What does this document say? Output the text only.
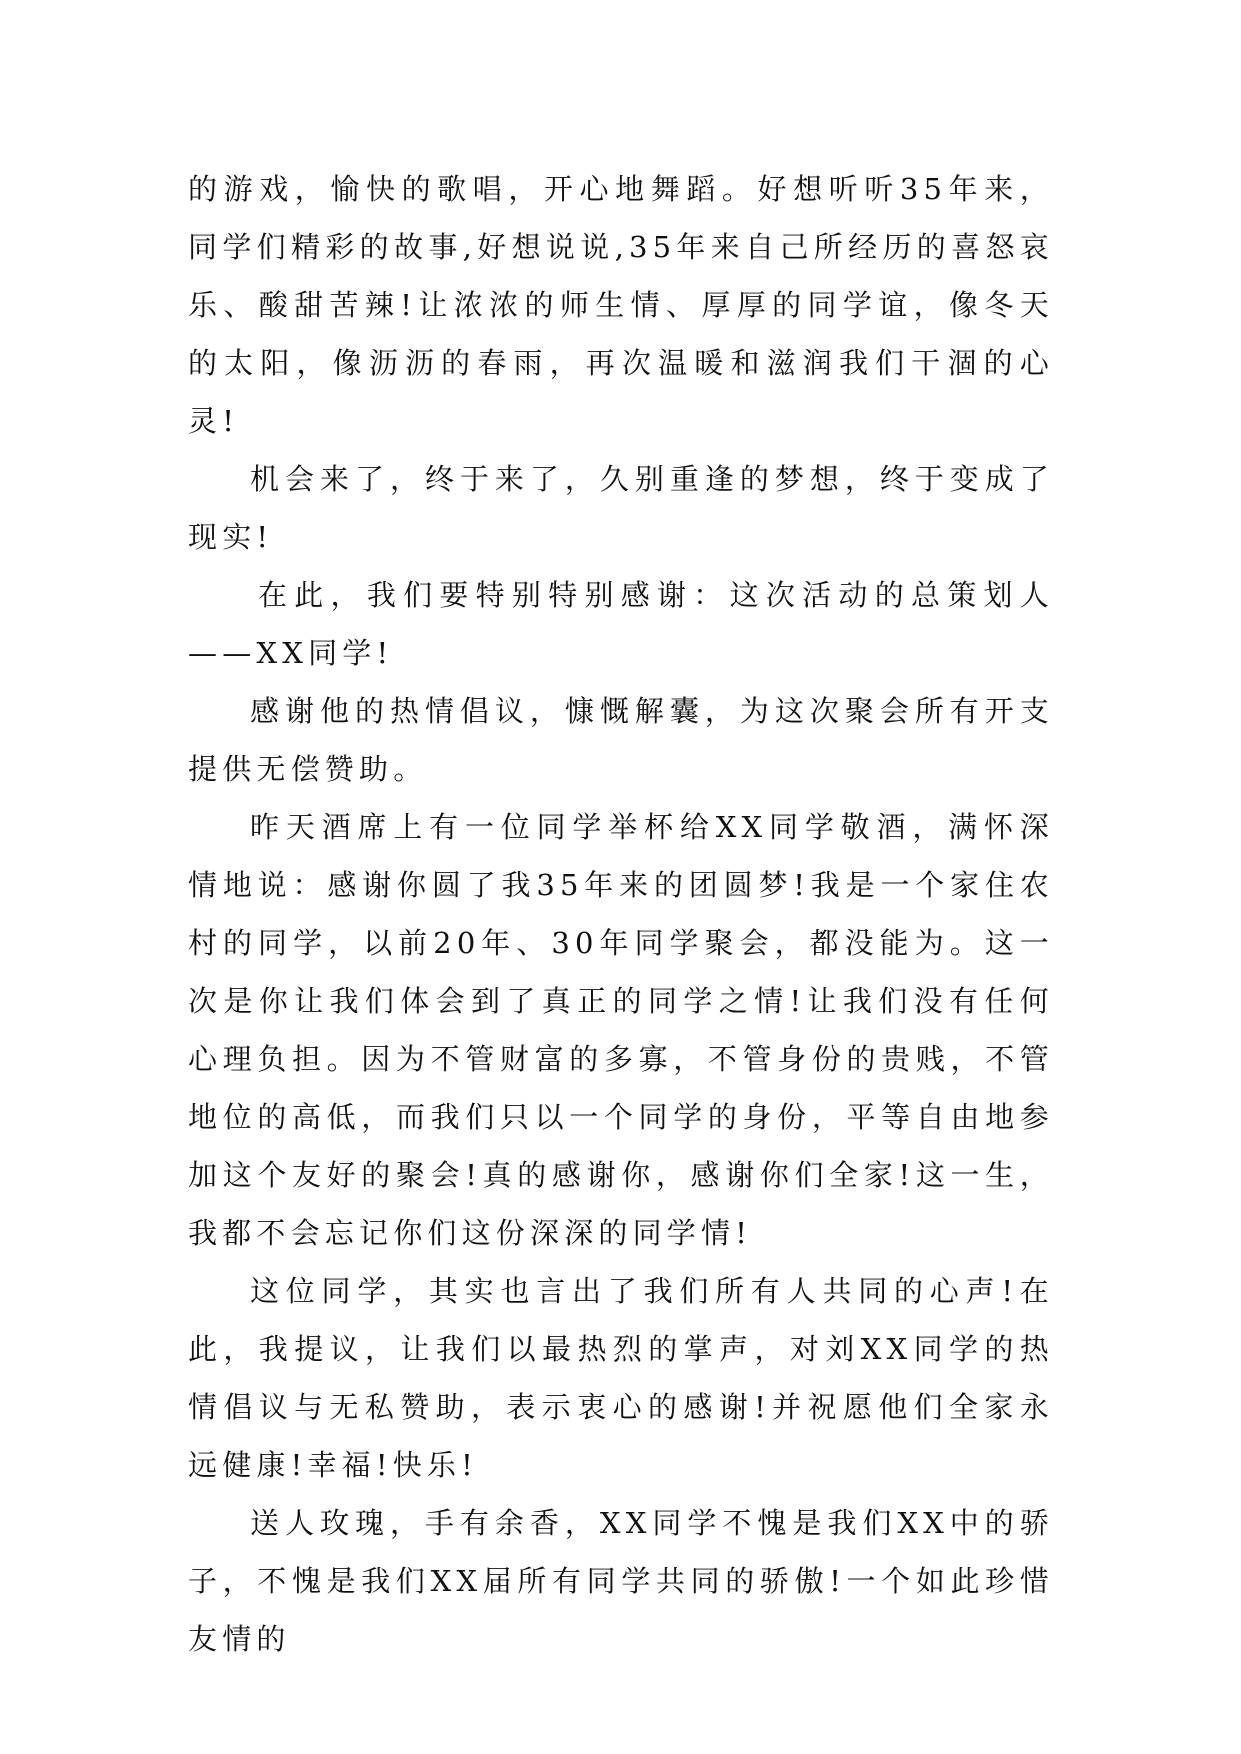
的游戏，愉快的歌唱，开心地舞蹈。好想听听35年来，同学们精彩的故事,好想说说,35年来自己所经历的喜怒哀乐、酸甜苦辣!让浓浓的师生情、厚厚的同学谊，像冬天的太阳，像沥沥的春雨，再次温暖和滋润我们干涸的心灵!

机会来了，终于来了，久别重逢的梦想，终于变成了现实!

在此，我们要特别特别感谢：这次活动的总策划人——XX同学!

感谢他的热情倡议，慷慨解囊，为这次聚会所有开支提供无偿赞助。

昨天酒席上有一位同学举杯给XX同学敬酒，满怀深情地说：感谢你圆了我35年来的团圆梦!我是一个家住农村的同学，以前20年、30年同学聚会，都没能为。这一次是你让我们体会到了真正的同学之情!让我们没有任何心理负担。因为不管财富的多寡，不管身份的贵贱，不管地位的高低，而我们只以一个同学的身份，平等自由地参加这个友好的聚会!真的感谢你，感谢你们全家!这一生，我都不会忘记你们这份深深的同学情!

这位同学，其实也言出了我们所有人共同的心声!在此，我提议，让我们以最热烈的掌声，对刘XX同学的热情倡议与无私赞助，表示衷心的感谢!并祝愿他们全家永远健康!幸福!快乐!

送人玫瑰，手有余香，XX同学不愧是我们XX中的骄子，不愧是我们XX届所有同学共同的骄傲!一个如此珍惜友情的
